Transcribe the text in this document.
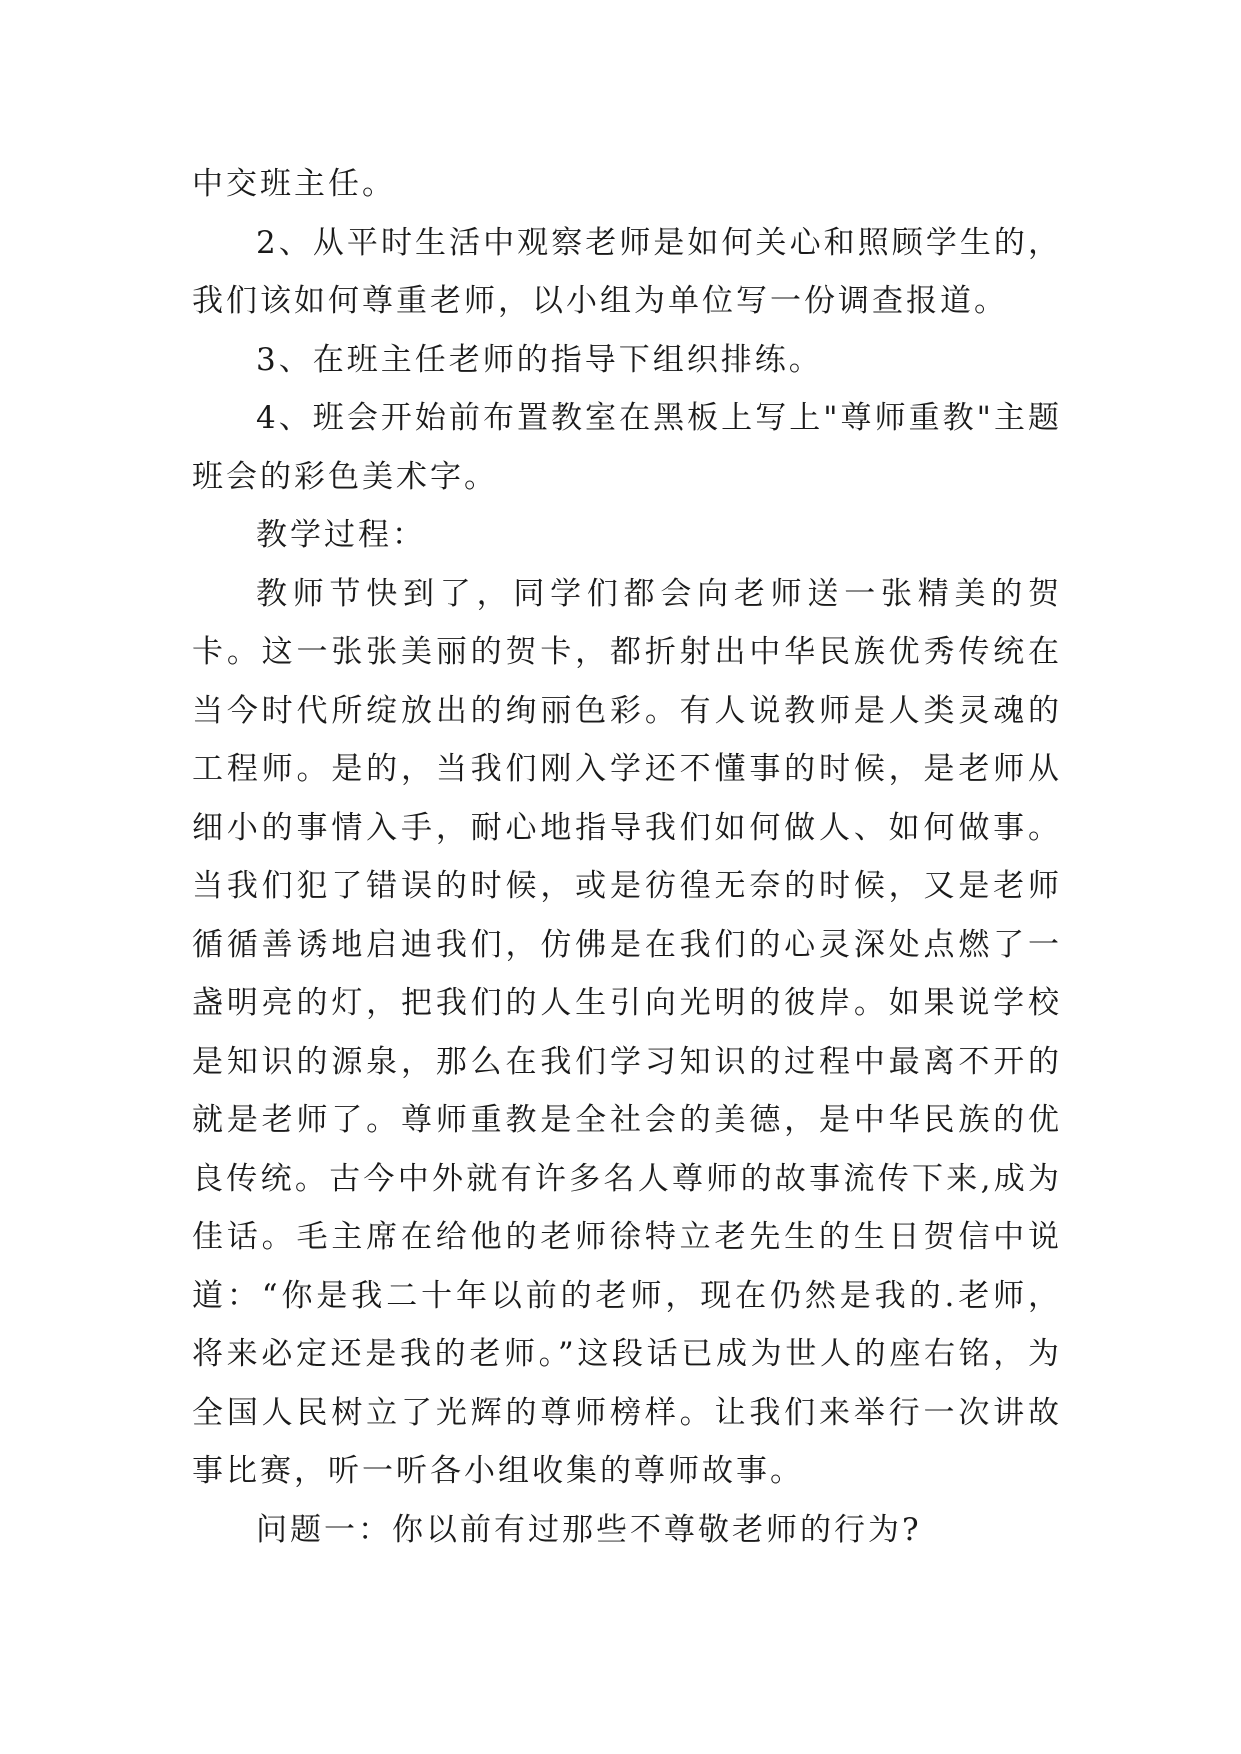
中交班主任。

2、从平时生活中观察老师是如何关心和照顾学生的，我们该如何尊重老师，以小组为单位写一份调查报道。

3、在班主任老师的指导下组织排练。

4、班会开始前布置教室在黑板上写上"尊师重教"主题班会的彩色美术字。

教学过程：

教师节快到了，同学们都会向老师送一张精美的贺卡。这一张张美丽的贺卡，都折射出中华民族优秀传统在当今时代所绽放出的绚丽色彩。有人说教师是人类灵魂的工程师。是的，当我们刚入学还不懂事的时候，是老师从细小的事情入手，耐心地指导我们如何做人、如何做事。当我们犯了错误的时候，或是彷徨无奈的时候，又是老师循循善诱地启迪我们，仿佛是在我们的心灵深处点燃了一盏明亮的灯，把我们的人生引向光明的彼岸。如果说学校是知识的源泉，那么在我们学习知识的过程中最离不开的就是老师了。尊师重教是全社会的美德，是中华民族的优良传统。古今中外就有许多名人尊师的故事流传下来,成为佳话。毛主席在给他的老师徐特立老先生的生日贺信中说道：“你是我二十年以前的老师，现在仍然是我的.老师，将来必定还是我的老师。”这段话已成为世人的座右铭，为全国人民树立了光辉的尊师榜样。让我们来举行一次讲故事比赛，听一听各小组收集的尊师故事。

问题一：你以前有过那些不尊敬老师的行为?
